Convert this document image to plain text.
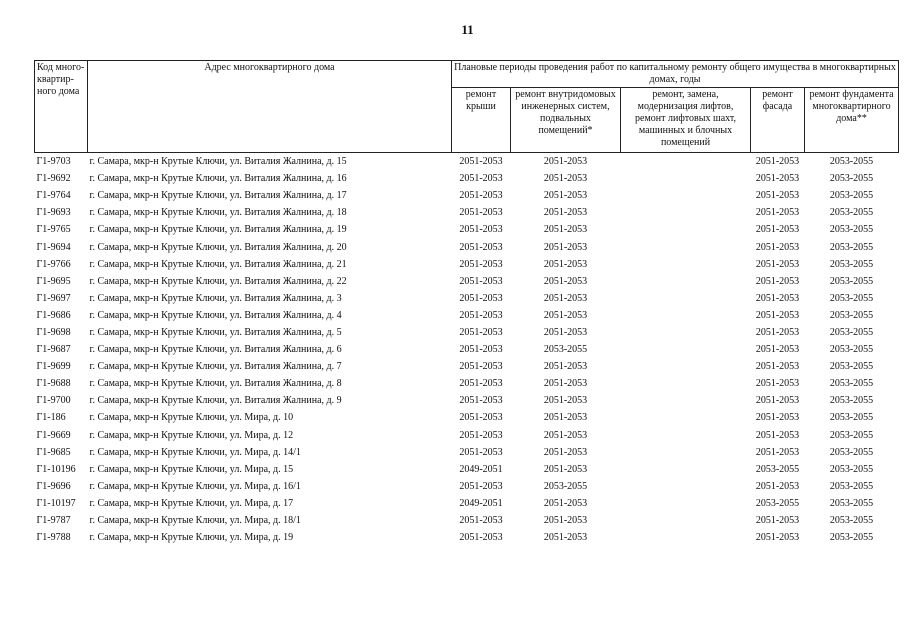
11
Код много-квартир-ного дома	Адрес многоквартирного дома	Плановые периоды проведения работ по капитальному ремонту общего имущества в многоквартирных домах, годы				
		ремонт крыши	ремонт внутридомовых инженерных систем, подвальных помещений*	ремонт, замена, модернизация лифтов, ремонт лифтовых шахт, машинных и блочных помещений	ремонт фасада	ремонт фундамента многоквартирного дома**
Г1-9703	г. Самара, мкр-н Крутые Ключи, ул. Виталия Жалнина, д. 15	2051-2053	2051-2053		2051-2053	2053-2055
Г1-9692	г. Самара, мкр-н Крутые Ключи, ул. Виталия Жалнина, д. 16	2051-2053	2051-2053		2051-2053	2053-2055
Г1-9764	г. Самара, мкр-н Крутые Ключи, ул. Виталия Жалнина, д. 17	2051-2053	2051-2053		2051-2053	2053-2055
Г1-9693	г. Самара, мкр-н Крутые Ключи, ул. Виталия Жалнина, д. 18	2051-2053	2051-2053		2051-2053	2053-2055
Г1-9765	г. Самара, мкр-н Крутые Ключи, ул. Виталия Жалнина, д. 19	2051-2053	2051-2053		2051-2053	2053-2055
Г1-9694	г. Самара, мкр-н Крутые Ключи, ул. Виталия Жалнина, д. 20	2051-2053	2051-2053		2051-2053	2053-2055
Г1-9766	г. Самара, мкр-н Крутые Ключи, ул. Виталия Жалнина, д. 21	2051-2053	2051-2053		2051-2053	2053-2055
Г1-9695	г. Самара, мкр-н Крутые Ключи, ул. Виталия Жалнина, д. 22	2051-2053	2051-2053		2051-2053	2053-2055
Г1-9697	г. Самара, мкр-н Крутые Ключи, ул. Виталия Жалнина, д. 3	2051-2053	2051-2053		2051-2053	2053-2055
Г1-9686	г. Самара, мкр-н Крутые Ключи, ул. Виталия Жалнина, д. 4	2051-2053	2051-2053		2051-2053	2053-2055
Г1-9698	г. Самара, мкр-н Крутые Ключи, ул. Виталия Жалнина, д. 5	2051-2053	2051-2053		2051-2053	2053-2055
Г1-9687	г. Самара, мкр-н Крутые Ключи, ул. Виталия Жалнина, д. 6	2051-2053	2053-2055		2051-2053	2053-2055
Г1-9699	г. Самара, мкр-н Крутые Ключи, ул. Виталия Жалнина, д. 7	2051-2053	2051-2053		2051-2053	2053-2055
Г1-9688	г. Самара, мкр-н Крутые Ключи, ул. Виталия Жалнина, д. 8	2051-2053	2051-2053		2051-2053	2053-2055
Г1-9700	г. Самара, мкр-н Крутые Ключи, ул. Виталия Жалнина, д. 9	2051-2053	2051-2053		2051-2053	2053-2055
Г1-186	г. Самара, мкр-н Крутые Ключи, ул. Мира, д. 10	2051-2053	2051-2053		2051-2053	2053-2055
Г1-9669	г. Самара, мкр-н Крутые Ключи, ул. Мира, д. 12	2051-2053	2051-2053		2051-2053	2053-2055
Г1-9685	г. Самара, мкр-н Крутые Ключи, ул. Мира, д. 14/1	2051-2053	2051-2053		2051-2053	2053-2055
Г1-10196	г. Самара, мкр-н Крутые Ключи, ул. Мира, д. 15	2049-2051	2051-2053		2053-2055	2053-2055
Г1-9696	г. Самара, мкр-н Крутые Ключи, ул. Мира, д. 16/1	2051-2053	2053-2055		2051-2053	2053-2055
Г1-10197	г. Самара, мкр-н Крутые Ключи, ул. Мира, д. 17	2049-2051	2051-2053		2053-2055	2053-2055
Г1-9787	г. Самара, мкр-н Крутые Ключи, ул. Мира, д. 18/1	2051-2053	2051-2053		2051-2053	2053-2055
Г1-9788	г. Самара, мкр-н Крутые Ключи, ул. Мира, д. 19	2051-2053	2051-2053		2051-2053	2053-2055
